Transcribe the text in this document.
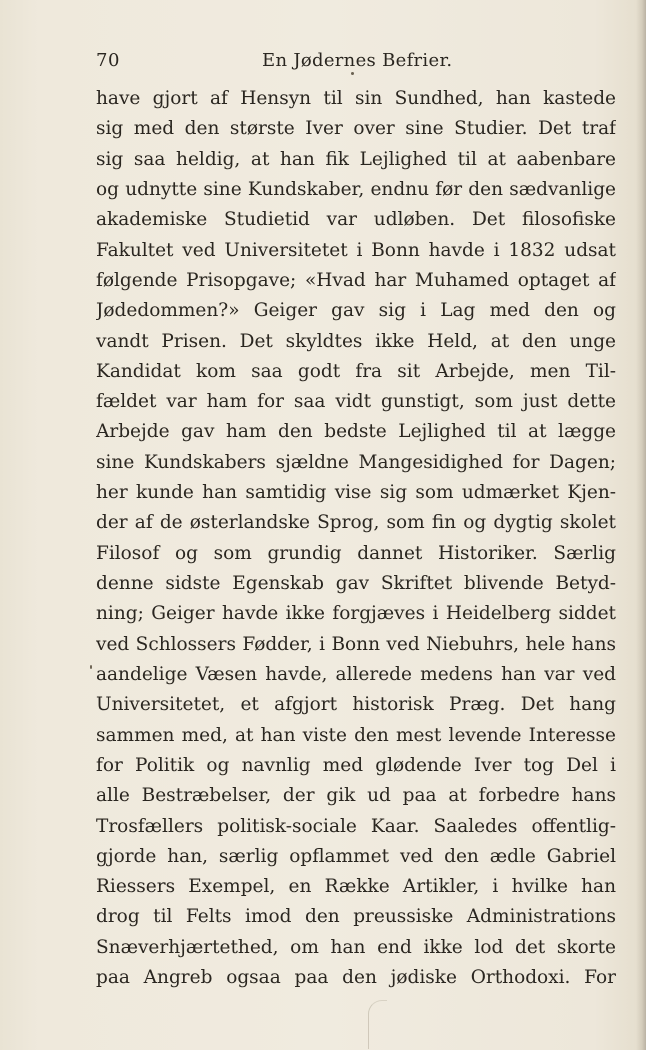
70	En Jødernes Befrier.
have gjort af Hensyn til sin Sundhed, han kastede
sig med den største Iver over sine Studier. Det traf
sig saa heldig, at han fik Lejlighed til at aabenbare
og udnytte sine Kundskaber, endnu før den sædvanlige
akademiske Studietid var udløben. Det filosofiske
Fakultet ved Universitetet i Bonn havde i 1832 udsat
følgende Prisopgave; «Hvad har Muhamed optaget af
Jødedommen?» Geiger gav sig i Lag med den og
vandt Prisen. Det skyldtes ikke Held, at den unge
Kandidat kom saa godt fra sit Arbejde, men Til-
fældet var ham for saa vidt gunstigt, som just dette
Arbejde gav ham den bedste Lejlighed til at lægge
sine Kundskabers sjældne Mangesidighed for Dagen;
her kunde han samtidig vise sig som udmærket Kjen-
der af de østerlandske Sprog, som fin og dygtig skolet
Filosof og som grundig dannet Historiker. Særlig
denne sidste Egenskab gav Skriftet blivende Betyd-
ning; Geiger havde ikke forgjæves i Heidelberg siddet
ved Schlossers Fødder, i Bonn ved Niebuhrs, hele hans
aandelige Væsen havde, allerede medens han var ved
Universitetet, et afgjort historisk Præg. Det hang
sammen med, at han viste den mest levende Interesse
for Politik og navnlig med glødende Iver tog Del i
alle Bestræbelser, der gik ud paa at forbedre hans
Trosfællers politisk-sociale Kaar. Saaledes offentlig-
gjorde han, særlig opflammet ved den ædle Gabriel
Riessers Exempel, en Række Artikler, i hvilke han
drog til Felts imod den preussiske Administrations
Snæverhjærtethed, om han end ikke lod det skorte
paa Angreb ogsaa paa den jødiske Orthodoxi. For
